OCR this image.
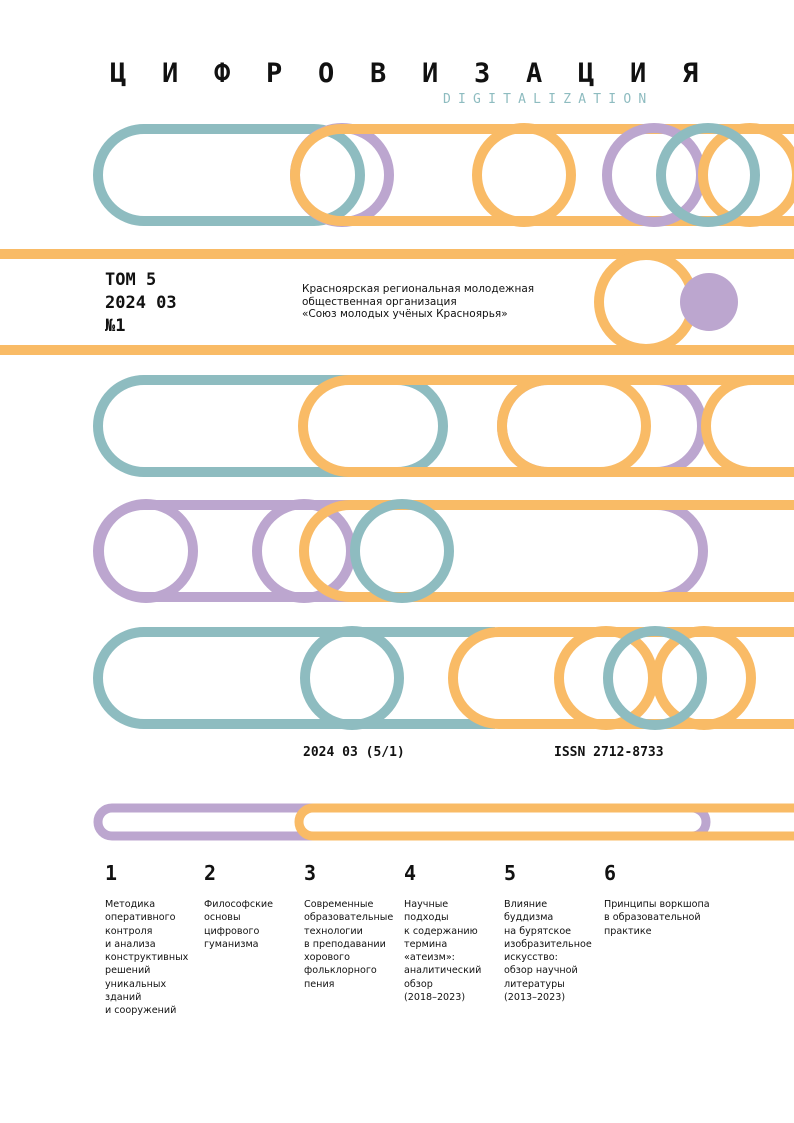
Ц И Ф Р О В И З А Ц И Я
DIGITALIZATION
ТОМ 5
2024 03
№1
Красноярская региональная молодежная
общественная организация
«Союз молодых учёных Красноярья»
2024 03 (5/1)	ISSN 2712-8733
1
Методика
оперативного
контроля
и анализа
конструктивных
решений
уникальных
зданий
и сооружений
2
Философские
основы
цифрового
гуманизма
3
Современные
образовательные
технологии
в преподавании
хорового
фольклорного
пения
4
Научные
подходы
к содержанию
термина
«атеизм»:
аналитический
обзор
(2018–2023)
5
Влияние
буддизма
на бурятское
изобразительное
искусство:
обзор научной
литературы
(2013–2023)
6
Принципы воркшопа
в образовательной
практике
